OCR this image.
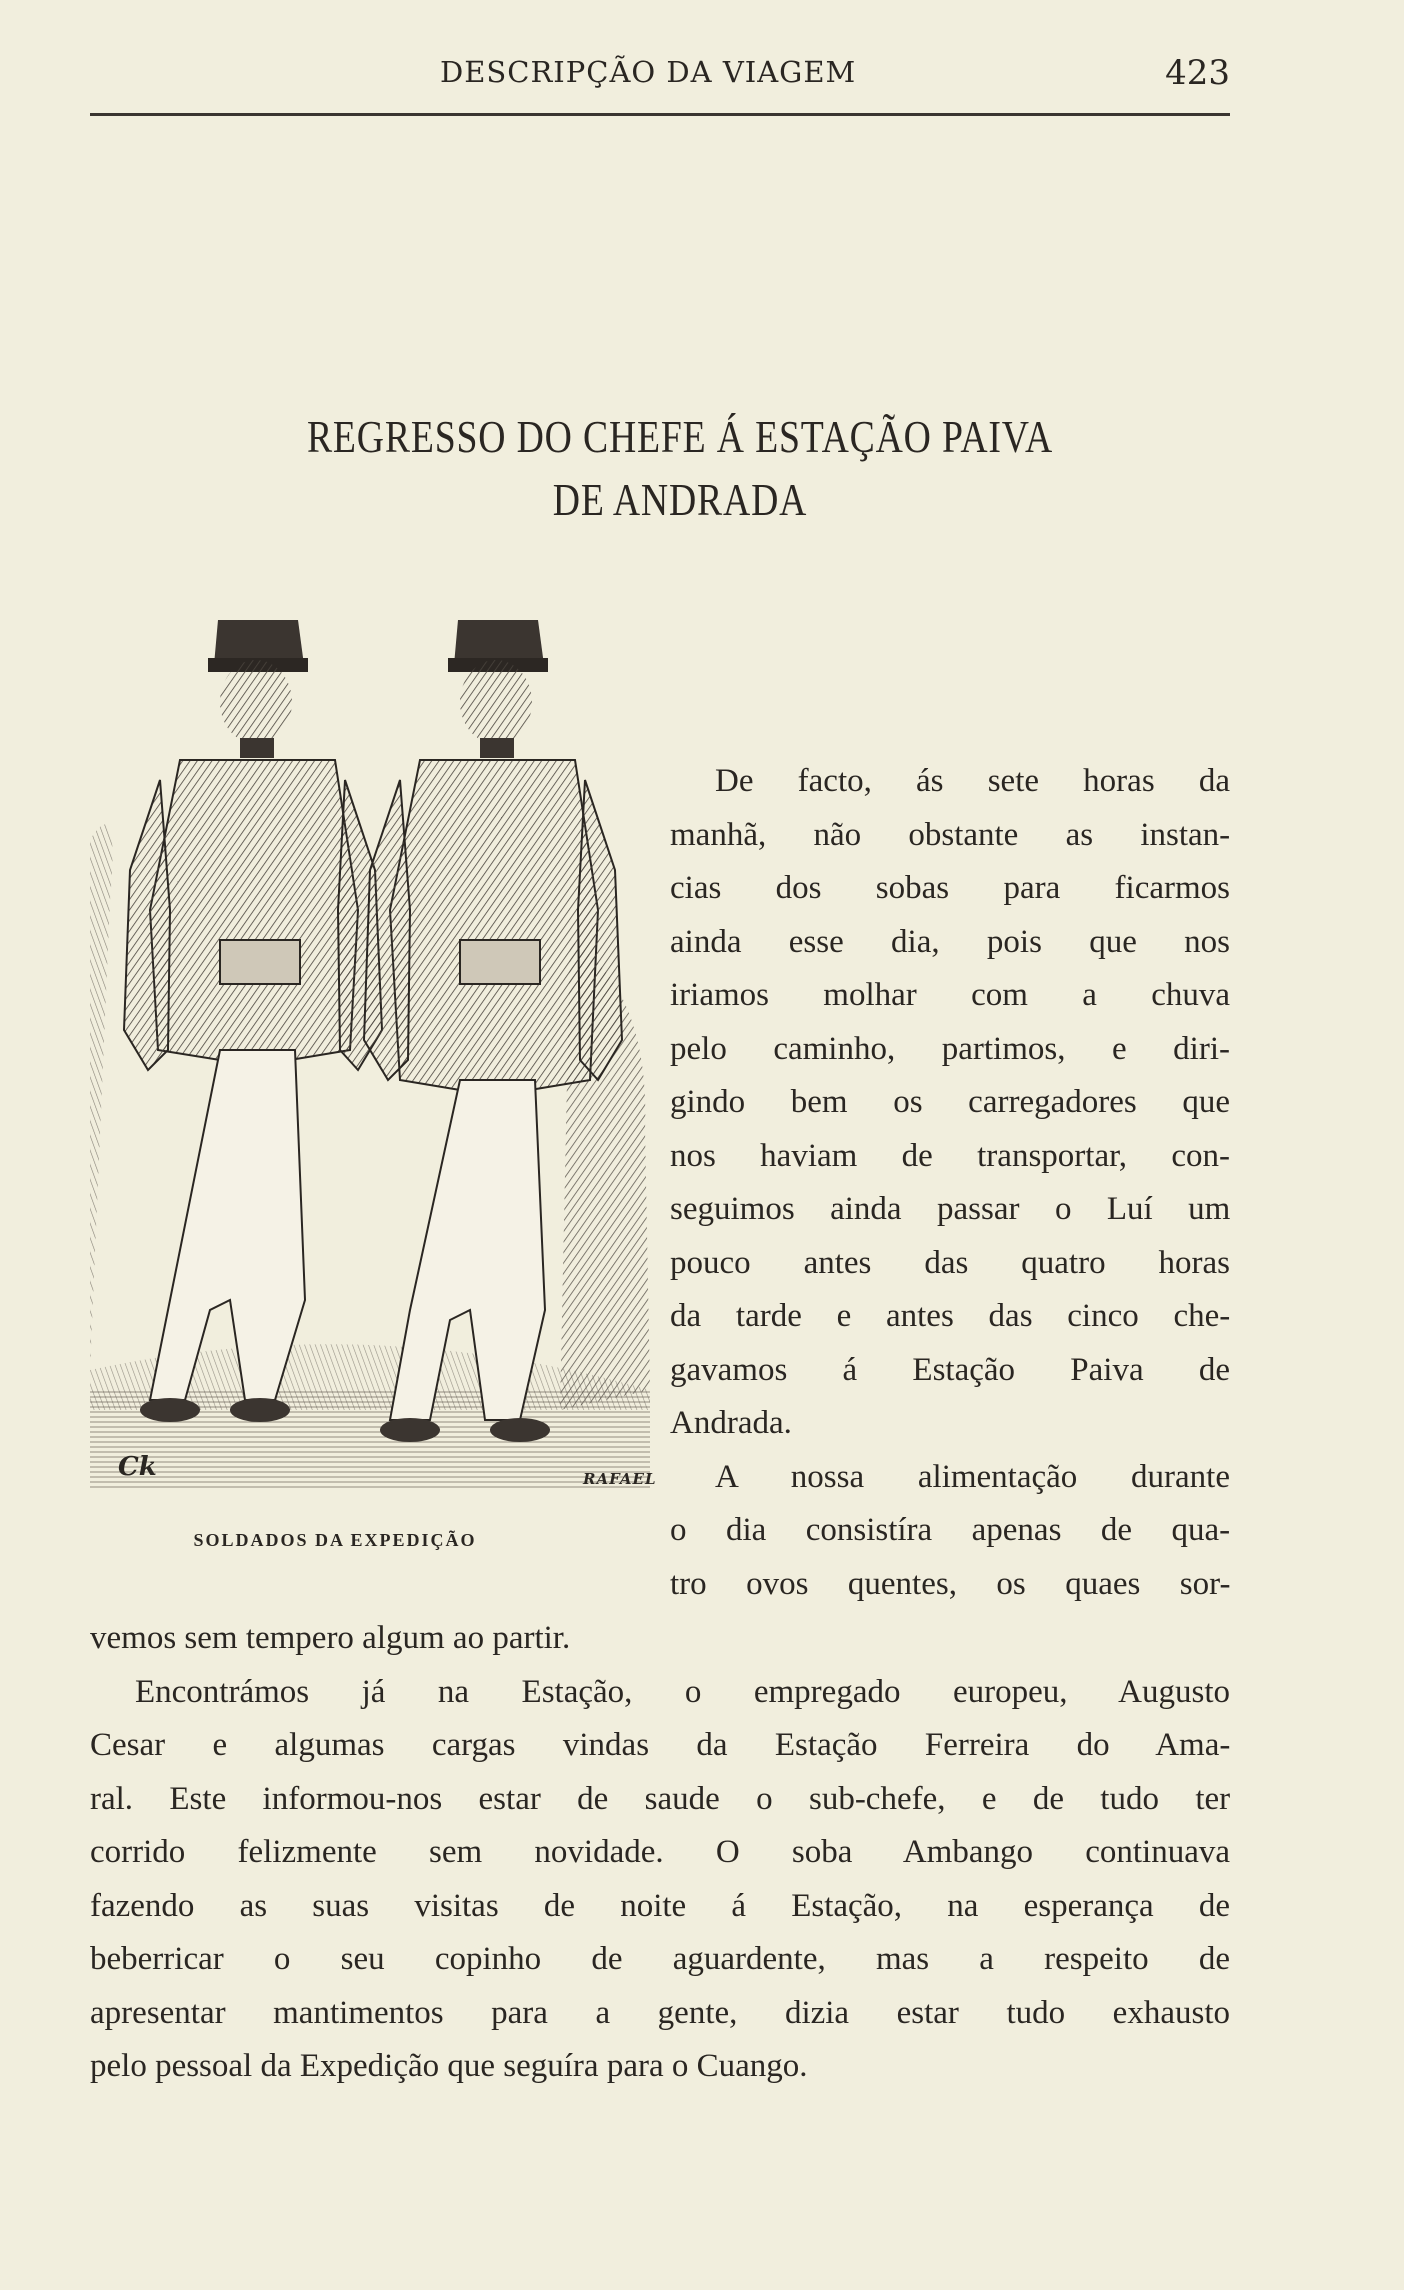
DESCRIPÇÃO DA VIAGEM	423
REGRESSO DO CHEFE Á ESTAÇÃO PAIVA
DE ANDRADA
Ck	RAFAEL
SOLDADOS DA EXPEDIÇÃO
De facto, ás sete horas da
manhã, não obstante as instan-
cias dos sobas para ficarmos
ainda esse dia, pois que nos
iriamos molhar com a chuva
pelo caminho, partimos, e diri-
gindo bem os carregadores que
nos haviam de transportar, con-
seguimos ainda passar o Luí um
pouco antes das quatro horas
da tarde e antes das cinco che-
gavamos á Estação Paiva de
Andrada.
A nossa alimentação durante
o dia consistíra apenas de qua-
tro ovos quentes, os quaes sor-
vemos sem tempero algum ao partir.
Encontrámos já na Estação, o empregado europeu, Augusto
Cesar e algumas cargas vindas da Estação Ferreira do Ama-
ral. Este informou-nos estar de saude o sub-chefe, e de tudo ter
corrido felizmente sem novidade. O soba Ambango continuava
fazendo as suas visitas de noite á Estação, na esperança de
beberricar o seu copinho de aguardente, mas a respeito de
apresentar mantimentos para a gente, dizia estar tudo exhausto
pelo pessoal da Expedição que seguíra para o Cuango.
